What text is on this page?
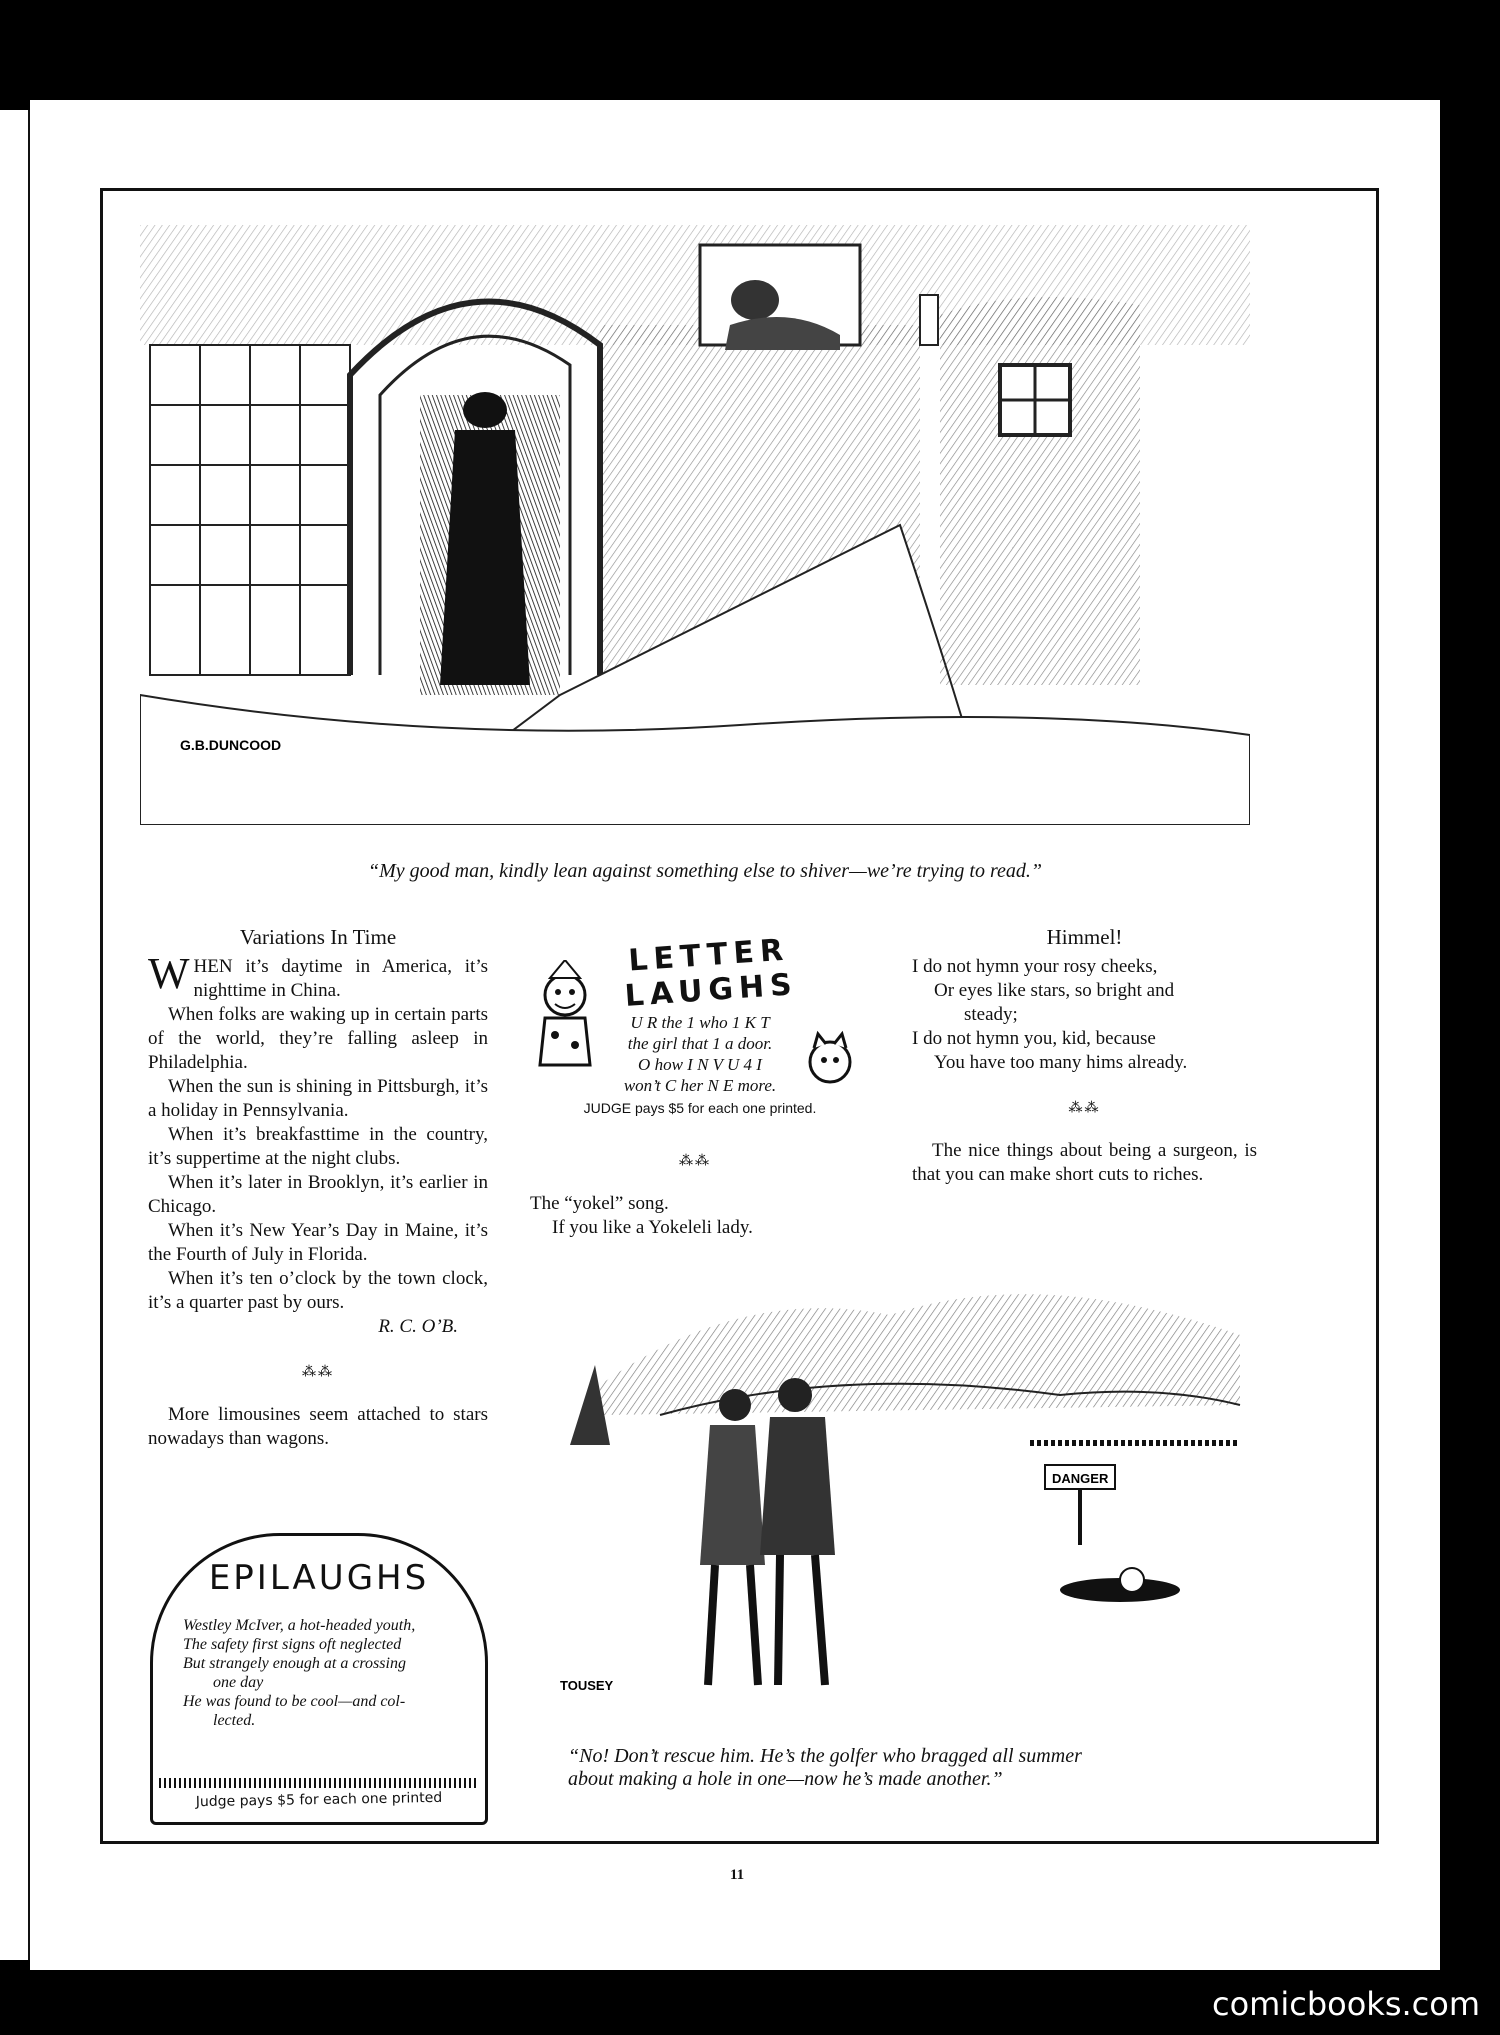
G.B.DUNCOOD
“My good man, kindly lean against something else to shiver—we’re trying to read.”
Variations In Time

WHEN it’s daytime in America, it’s nighttime in China.

When folks are waking up in certain parts of the world, they’re falling asleep in Philadelphia.

When the sun is shining in Pittsburgh, it’s a holiday in Pennsylvania.

When it’s breakfasttime in the country, it’s suppertime at the night clubs.

When it’s later in Brooklyn, it’s earlier in Chicago.

When it’s New Year’s Day in Maine, it’s the Fourth of July in Florida.

When it’s ten o’clock by the town clock, it’s a quarter past by ours.

R. C. O’B.
⁂⁂

More limousines seem attached to stars nowadays than wagons.

EPILAUGHS
Westley McIver, a hot-headed youth,
The safety first signs oft neglected
But strangely enough at a crossing
one day
He was found to be cool—and col-
lected.
Judge pays $5 for each one printed
LETTER LAUGHS
U R the 1 who 1 K T
the girl that 1 a door.
O how I N V U 4 I
won’t C her N E more.
JUDGE pays $5 for each one printed.
⁂⁂
The “yokel” song.
If you like a Yokeleli lady.
Himmel!
I do not hymn your rosy cheeks,
Or eyes like stars, so bright and
steady;
I do not hymn you, kid, because
You have too many hims already.
⁂⁂

The nice things about being a surgeon, is that you can make short cuts to riches.

DANGER
TOUSEY
“No! Don’t rescue him. He’s the golfer who bragged all summer
about making a hole in one—now he’s made another.”
11
comicbooks.com
